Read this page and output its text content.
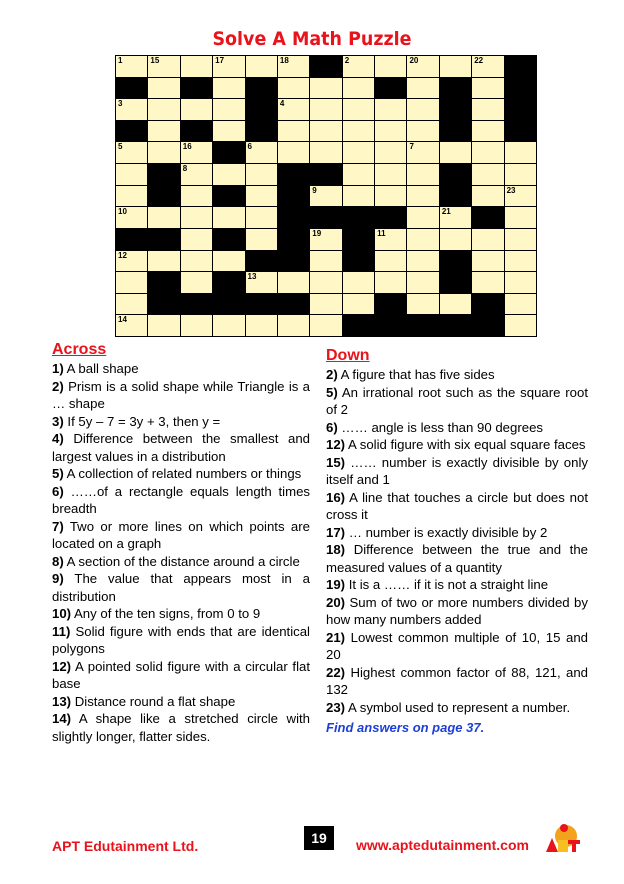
Solve A Math Puzzle
1	15	17	18	2	20	22
3	4
5	16	6	7
8
9	23
10	21
19	11
12
13
14
Across

1) A ball shape

2) Prism is a solid shape while Triangle is a … shape

3) If 5y – 7 = 3y + 3, then y =

4) Difference between the smallest and largest values in a distribution

5) A collection of related numbers or things

6) ……of a rectangle equals length times breadth

7) Two or more lines on which points are located on a graph

8) A section of the distance around a circle

9) The value that appears most in a distribution

10) Any of the ten signs, from 0 to 9

11) Solid figure with ends that are identical polygons

12) A pointed solid figure with a circular flat base

13) Distance round a flat shape

14) A shape like a stretched circle with slightly longer, flatter sides.

Down

2) A figure that has five sides

5) An irrational root such as the square root of 2

6) …… angle is less than 90 degrees

12) A solid figure with six equal square faces

15) …… number is exactly divisible by only itself and 1

16) A line that touches a circle but does not cross it

17) … number is exactly divisible by 2

18) Difference between the true and the measured values of a quantity

19) It is a …… if it is not a straight line

20) Sum of two or more numbers divided by how many numbers added

21) Lowest common multiple of 10, 15 and 20

22) Highest common factor of 88, 121, and 132

23) A symbol used to represent a number.

Find answers on page 37.
APT Edutainment Ltd.	19	www.aptedutainment.com
